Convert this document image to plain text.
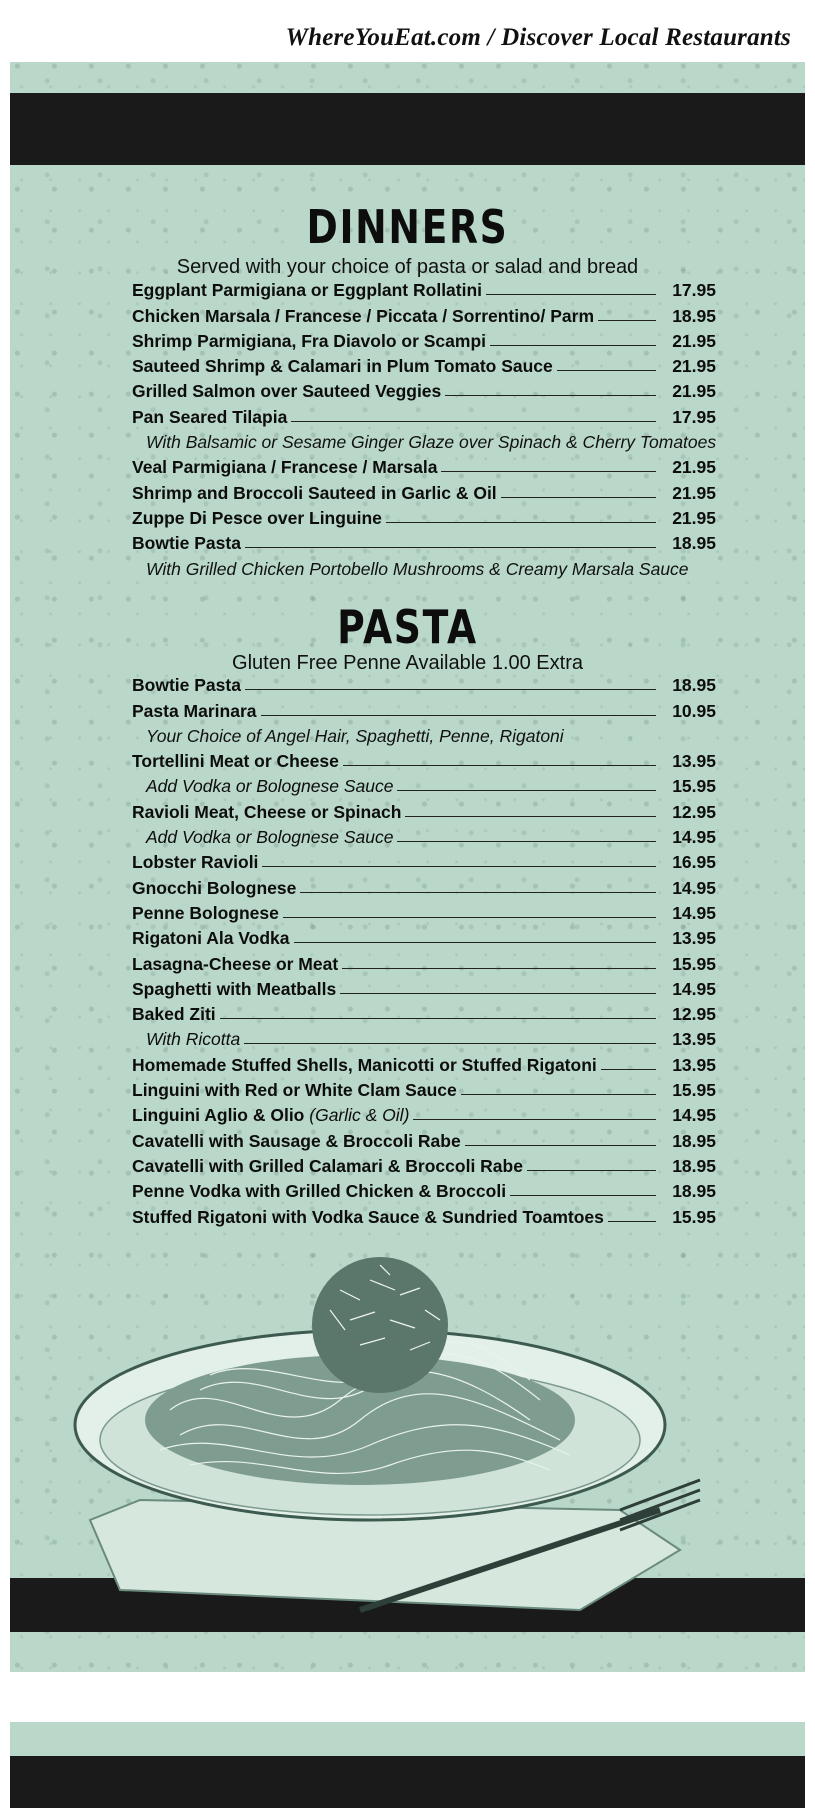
WhereYouEat.com / Discover Local Restaurants
DINNERS
Served with your choice of pasta or salad and bread
Eggplant Parmigiana or Eggplant Rollatini	17.95
Chicken Marsala / Francese / Piccata / Sorrentino/ Parm	18.95
Shrimp Parmigiana, Fra Diavolo or Scampi	21.95
Sauteed Shrimp & Calamari in Plum Tomato Sauce	21.95
Grilled Salmon over Sauteed Veggies	21.95
Pan Seared Tilapia	17.95
With Balsamic or Sesame Ginger Glaze over Spinach & Cherry Tomatoes
Veal Parmigiana / Francese / Marsala	21.95
Shrimp and Broccoli Sauteed in Garlic & Oil	21.95
Zuppe Di Pesce over Linguine	21.95
Bowtie Pasta	18.95
With Grilled Chicken Portobello Mushrooms & Creamy Marsala Sauce
PASTA
Gluten Free Penne Available 1.00 Extra
Bowtie Pasta	18.95
Pasta Marinara	10.95
Your Choice of Angel Hair, Spaghetti, Penne, Rigatoni
Tortellini Meat or Cheese	13.95
Add Vodka or Bolognese Sauce	15.95
Ravioli Meat, Cheese or Spinach	12.95
Add Vodka or Bolognese Sauce	14.95
Lobster Ravioli	16.95
Gnocchi Bolognese	14.95
Penne Bolognese	14.95
Rigatoni Ala Vodka	13.95
Lasagna-Cheese or Meat	15.95
Spaghetti with Meatballs	14.95
Baked Ziti	12.95
With Ricotta	13.95
Homemade Stuffed Shells, Manicotti or Stuffed Rigatoni	13.95
Linguini with Red or White Clam Sauce	15.95
Linguini Aglio & Olio (Garlic & Oil)	14.95
Cavatelli with Sausage & Broccoli Rabe	18.95
Cavatelli with Grilled Calamari & Broccoli Rabe	18.95
Penne Vodka with Grilled Chicken & Broccoli	18.95
Stuffed Rigatoni with Vodka Sauce & Sundried Toamtoes	15.95
